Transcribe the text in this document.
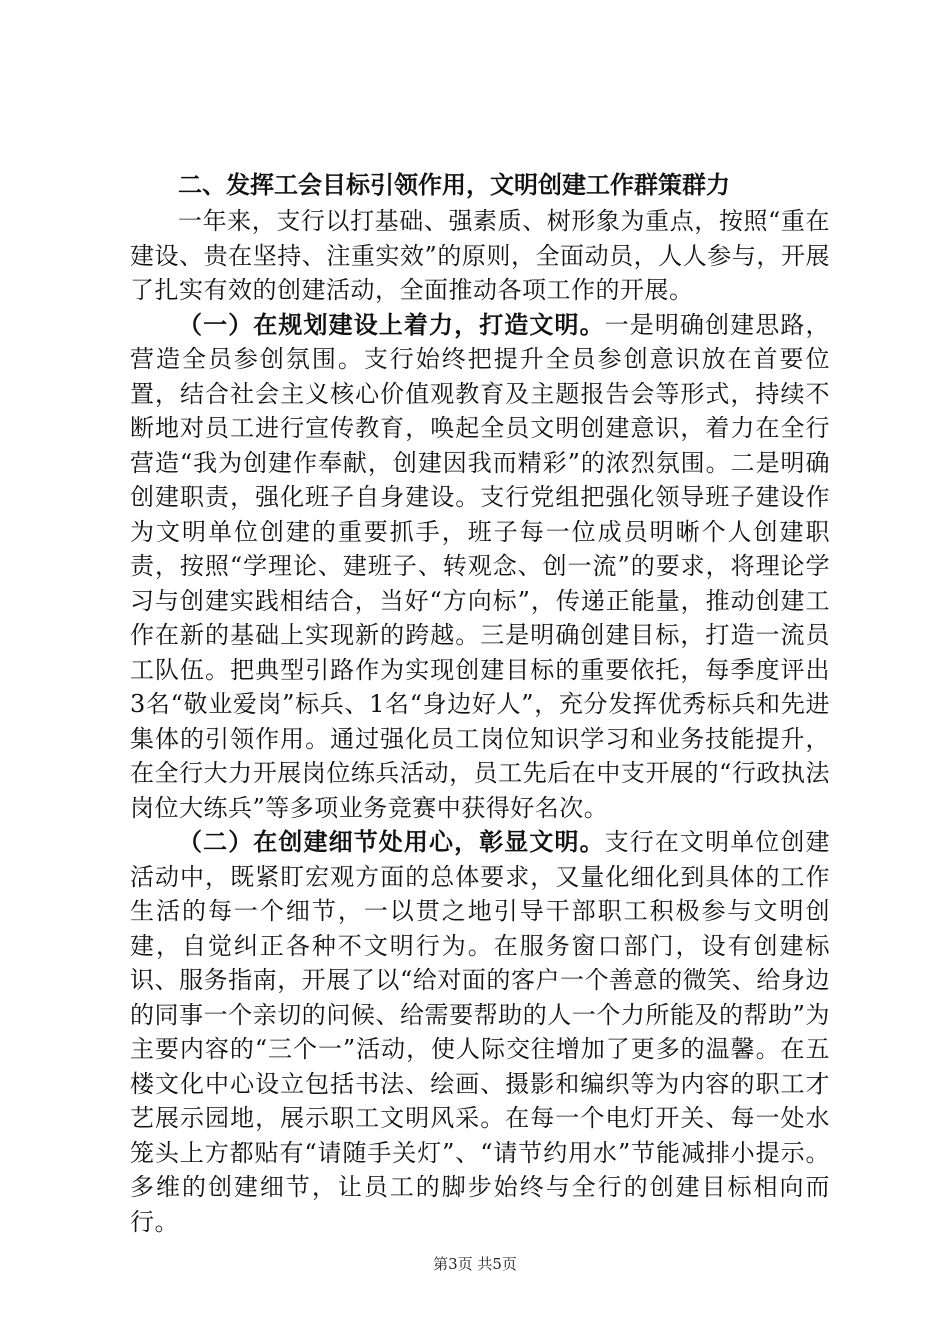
二、发挥工会目标引领作用，文明创建工作群策群力

一年来，支行以打基础、强素质、树形象为重点，按照“重在建设、贵在坚持、注重实效”的原则，全面动员，人人参与，开展了扎实有效的创建活动，全面推动各项工作的开展。

（一）在规划建设上着力，打造文明。一是明确创建思路，营造全员参创氛围。支行始终把提升全员参创意识放在首要位置，结合社会主义核心价值观教育及主题报告会等形式，持续不断地对员工进行宣传教育，唤起全员文明创建意识，着力在全行营造“我为创建作奉献，创建因我而精彩”的浓烈氛围。二是明确创建职责，强化班子自身建设。支行党组把强化领导班子建设作为文明单位创建的重要抓手，班子每一位成员明晰个人创建职责，按照“学理论、建班子、转观念、创一流”的要求，将理论学习与创建实践相结合，当好“方向标”，传递正能量，推动创建工作在新的基础上实现新的跨越。三是明确创建目标，打造一流员工队伍。把典型引路作为实现创建目标的重要依托，每季度评出3名“敬业爱岗”标兵、1名“身边好人”，充分发挥优秀标兵和先进集体的引领作用。通过强化员工岗位知识学习和业务技能提升，在全行大力开展岗位练兵活动，员工先后在中支开展的“行政执法岗位大练兵”等多项业务竞赛中获得好名次。

（二）在创建细节处用心，彰显文明。支行在文明单位创建活动中，既紧盯宏观方面的总体要求，又量化细化到具体的工作生活的每一个细节，一以贯之地引导干部职工积极参与文明创建，自觉纠正各种不文明行为。在服务窗口部门，设有创建标识、服务指南，开展了以“给对面的客户一个善意的微笑、给身边的同事一个亲切的问候、给需要帮助的人一个力所能及的帮助”为主要内容的“三个一”活动，使人际交往增加了更多的温馨。在五楼文化中心设立包括书法、绘画、摄影和编织等为内容的职工才艺展示园地，展示职工文明风采。在每一个电灯开关、每一处水笼头上方都贴有“请随手关灯”、“请节约用水”节能减排小提示。多维的创建细节，让员工的脚步始终与全行的创建目标相向而行。

第3页 共5页
